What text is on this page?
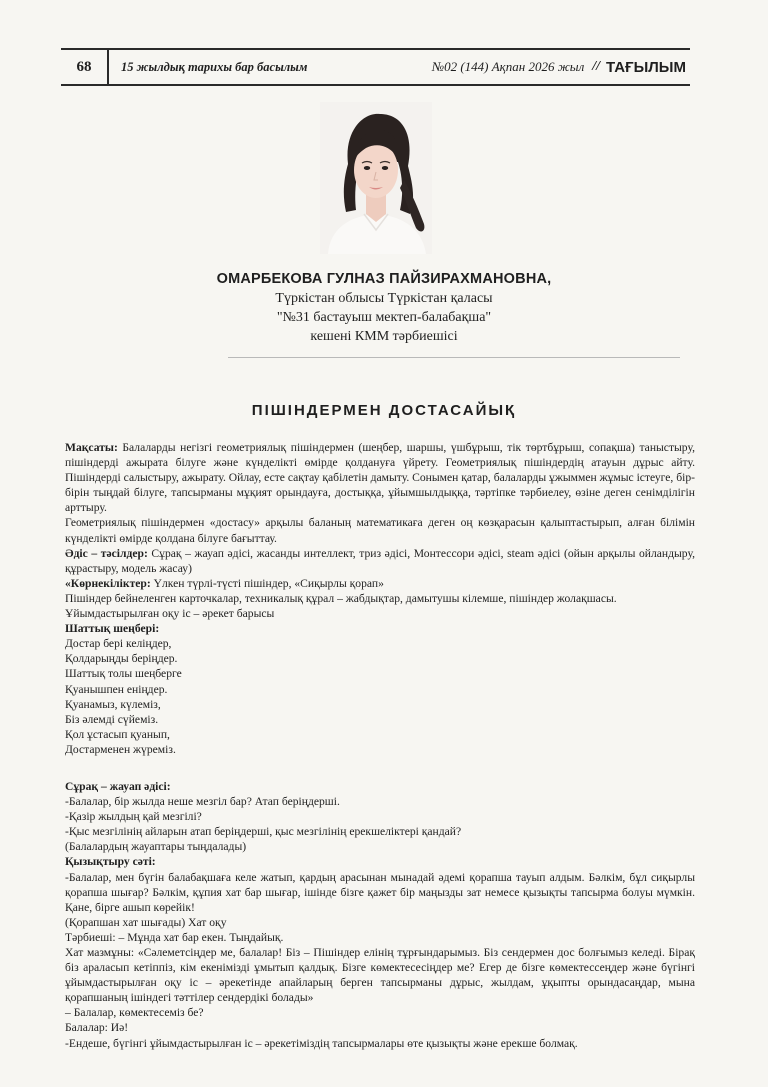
68	15 жылдық тарихы бар басылым	№02 (144) Ақпан 2026 жыл // ТАҒЫЛЫМ
ОМАРБЕКОВА ГУЛНАЗ ПАЙЗИРАХМАНОВНА,
Түркістан облысы Түркістан қаласы
"№31 бастауыш мектеп-балабақша"
кешені КММ тәрбиешісі
ПІШІНДЕРМЕН ДОСТАСАЙЫҚ

Мақсаты: Балаларды негізгі геометриялық пішіндермен (шеңбер, шаршы, үшбұрыш, тік төртбұрыш, сопақша) таныстыру, пішіндерді ажырата білуге және күнделікті өмірде қолдануға үйрету. Геометриялық пішіндердің атауын дұрыс айту. Пішіндерді салыстыру, ажырату. Ойлау, есте сақтау қабілетін дамыту. Сонымен қатар, балаларды ұжыммен жұмыс істеуге, бір-бірін тыңдай білуге, тапсырманы мұқият орындауға, достыққа, ұйымшылдыққа, тәртіпке тәрбиелеу, өзіне деген сенімділігін арттыру.

Геометриялық пішіндермен «достасу» арқылы баланың математикаға деген оң көзқарасын қалыптастырып, алған білімін күнделікті өмірде қолдана білуге бағыттау.

Әдіс – тәсілдер: Сұрақ – жауап әдісі, жасанды интеллект, триз әдісі, Монтессори әдісі, steam әдісі (ойын арқылы ойландыру, құрастыру, модель жасау)

«Көрнекіліктер: Үлкен түрлі-түсті пішіндер, «Сиқырлы қорап»

Пішіндер бейнеленген карточкалар, техникалық құрал – жабдықтар, дамытушы кілемше, пішіндер жолақшасы.

Ұйымдастырылған оқу іс – әрекет барысы

Шаттық шеңбері:

Достар бері келіңдер,

Қолдарыңды беріңдер.

Шаттық толы шеңберге

Қуанышпен еніңдер.

Қуанамыз, күлеміз,

Біз әлемді сүйеміз.

Қол ұстасып қуанып,

Достарменен жүреміз.

Сұрақ – жауап әдісі:

-Балалар, бір жылда неше мезгіл бар? Атап беріңдерші.

-Қазір жылдың қай мезгілі?

-Қыс мезгілінің айларын атап беріңдерші, қыс мезгілінің ерекшеліктері қандай?

(Балалардың жауаптары тыңдалады)

Қызықтыру сәті:

-Балалар, мен бүгін балабақшаға келе жатып, қардың арасынан мынадай әдемі қорапша тауып алдым. Бәлкім, бұл сиқырлы қорапша шығар? Бәлкім, құпия хат бар шығар, ішінде бізге қажет бір маңызды зат немесе қызықты тапсырма болуы мүмкін. Қане, бірге ашып көрейік!

(Қорапшан хат шығады) Хат оқу

Тәрбиеші: – Мұнда хат бар екен. Тыңдайық.

Хат мазмұны: «Сәлеметсіңдер ме, балалар! Біз – Пішіндер елінің тұрғындарымыз. Біз сендермен дос болғымыз келеді. Бірақ біз араласып кетіппіз, кім екенімізді ұмытып қалдық. Бізге көмектесесіңдер ме? Егер де бізге көмектессеңдер және бүгінгі ұйымдастырылған оқу іс – әрекетінде апайларың берген тапсырманы дұрыс, жылдам, ұқыпты орындасаңдар, мына қорапшаның ішіндегі тәттілер сендердікі болады»

– Балалар, көмектесеміз бе?

Балалар: Иә!

-Ендеше, бүгінгі ұйымдастырылған іс – әрекетіміздің тапсырмалары өте қызықты және ерекше болмақ.
